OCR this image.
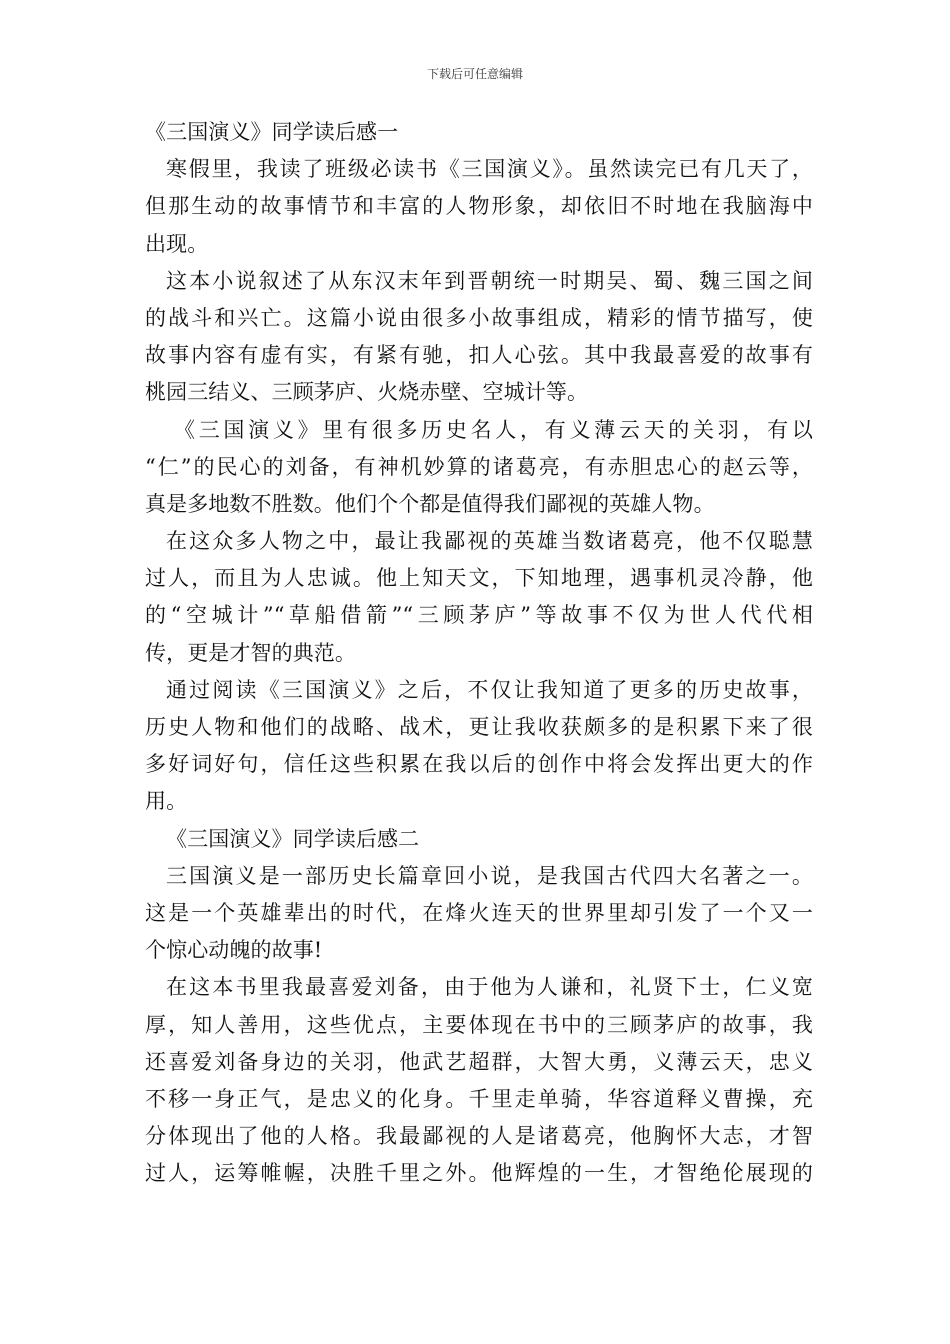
下载后可任意编辑
《三国演义》同学读后感一
寒假里，我读了班级必读书《三国演义》。虽然读完已有几天了，
但那生动的故事情节和丰富的人物形象，却依旧不时地在我脑海中
出现。
这本小说叙述了从东汉末年到晋朝统一时期吴、蜀、魏三国之间
的战斗和兴亡。这篇小说由很多小故事组成，精彩的情节描写，使
故事内容有虚有实，有紧有驰，扣人心弦。其中我最喜爱的故事有
桃园三结义、三顾茅庐、火烧赤壁、空城计等。
《三国演义》里有很多历史名人，有义薄云天的关羽，有以
“仁”的民心的刘备，有神机妙算的诸葛亮，有赤胆忠心的赵云等，
真是多地数不胜数。他们个个都是值得我们鄙视的英雄人物。
在这众多人物之中，最让我鄙视的英雄当数诸葛亮，他不仅聪慧
过人，而且为人忠诚。他上知天文，下知地理，遇事机灵冷静，他
的“空城计”“草船借箭”“三顾茅庐”等故事不仅为世人代代相
传，更是才智的典范。
通过阅读《三国演义》之后，不仅让我知道了更多的历史故事，
历史人物和他们的战略、战术，更让我收获颇多的是积累下来了很
多好词好句，信任这些积累在我以后的创作中将会发挥出更大的作
用。
《三国演义》同学读后感二
三国演义是一部历史长篇章回小说，是我国古代四大名著之一。
这是一个英雄辈出的时代，在烽火连天的世界里却引发了一个又一
个惊心动魄的故事!
在这本书里我最喜爱刘备，由于他为人谦和，礼贤下士，仁义宽
厚，知人善用，这些优点，主要体现在书中的三顾茅庐的故事，我
还喜爱刘备身边的关羽，他武艺超群，大智大勇，义薄云天，忠义
不移一身正气，是忠义的化身。千里走单骑，华容道释义曹操，充
分体现出了他的人格。我最鄙视的人是诸葛亮，他胸怀大志，才智
过人，运筹帷幄，决胜千里之外。他辉煌的一生，才智绝伦展现的
